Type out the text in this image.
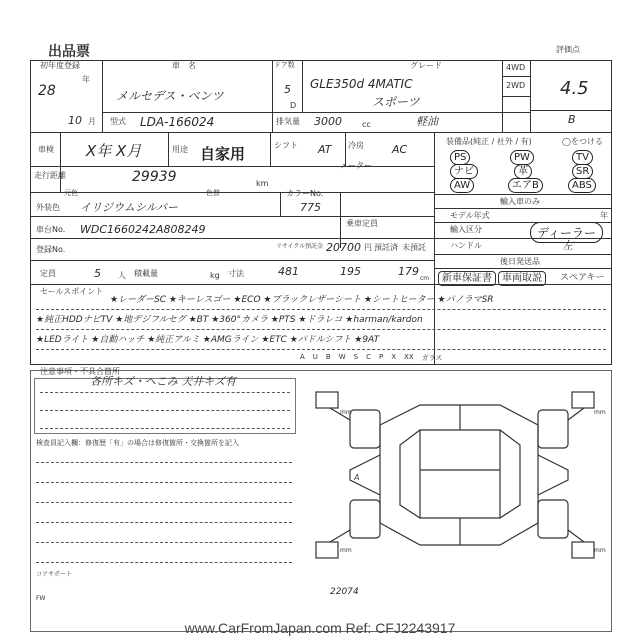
出品票
初年度登録
28
年
10 月 型式 LDA-166024
車　名
メルセデス・ベンツ
ドア数
5
D
グレード
GLE350d 4MATIC
スポーツ
4WD
2WD
評価点
4.5
B
排気量 3000	cc	軽油
車検 X年 X月	用途 自家用	シフト AT 冷房	AC
走行距離	29939	km
メーター
装備品(純正 / 社外 / 有)	◯をつける
PS	PW	TV
ナビ	革	SR
AW	エアB	ABS
輸入車のみ
モデル年式	年
輸入区分	ディーラー
ハンドル	左
後日発送品
新車保証書	車両取説	スペアキー
元色	色替
外装色 イリジウムシルバー
カラーNo.
775
車台No. WDC1660242A808249	乗車定員
登録No.	リサイクル預託金 20700 円 預託済 未預託
定員	5 人 積載量	kg 寸法	481	195	179
cm
セールスポイント
★レーダーSC ★キーレスゴー ★ECO ★ブラックレザーシート ★シートヒーター ★パノラマSR
★純正HDDナビTV ★地デジフルセグ ★BT ★360°カメラ ★PTS ★ドラレコ ★harman/kardon
★LEDライト ★自動ハッチ ★純正アルミ ★AMGライン ★ETC ★パドルシフト ★9AT
A U B W S C P X XX ガラス
注意事項・不具合箇所
各所キズ・へこみ 天井キズ有
検査員記入欄：修復歴「有」の場合は修復箇所・交換箇所を記入
コアサポート
FW
A
mm
mm
mm
mm
22074
www.CarFromJapan.com Ref: CFJ2243917
